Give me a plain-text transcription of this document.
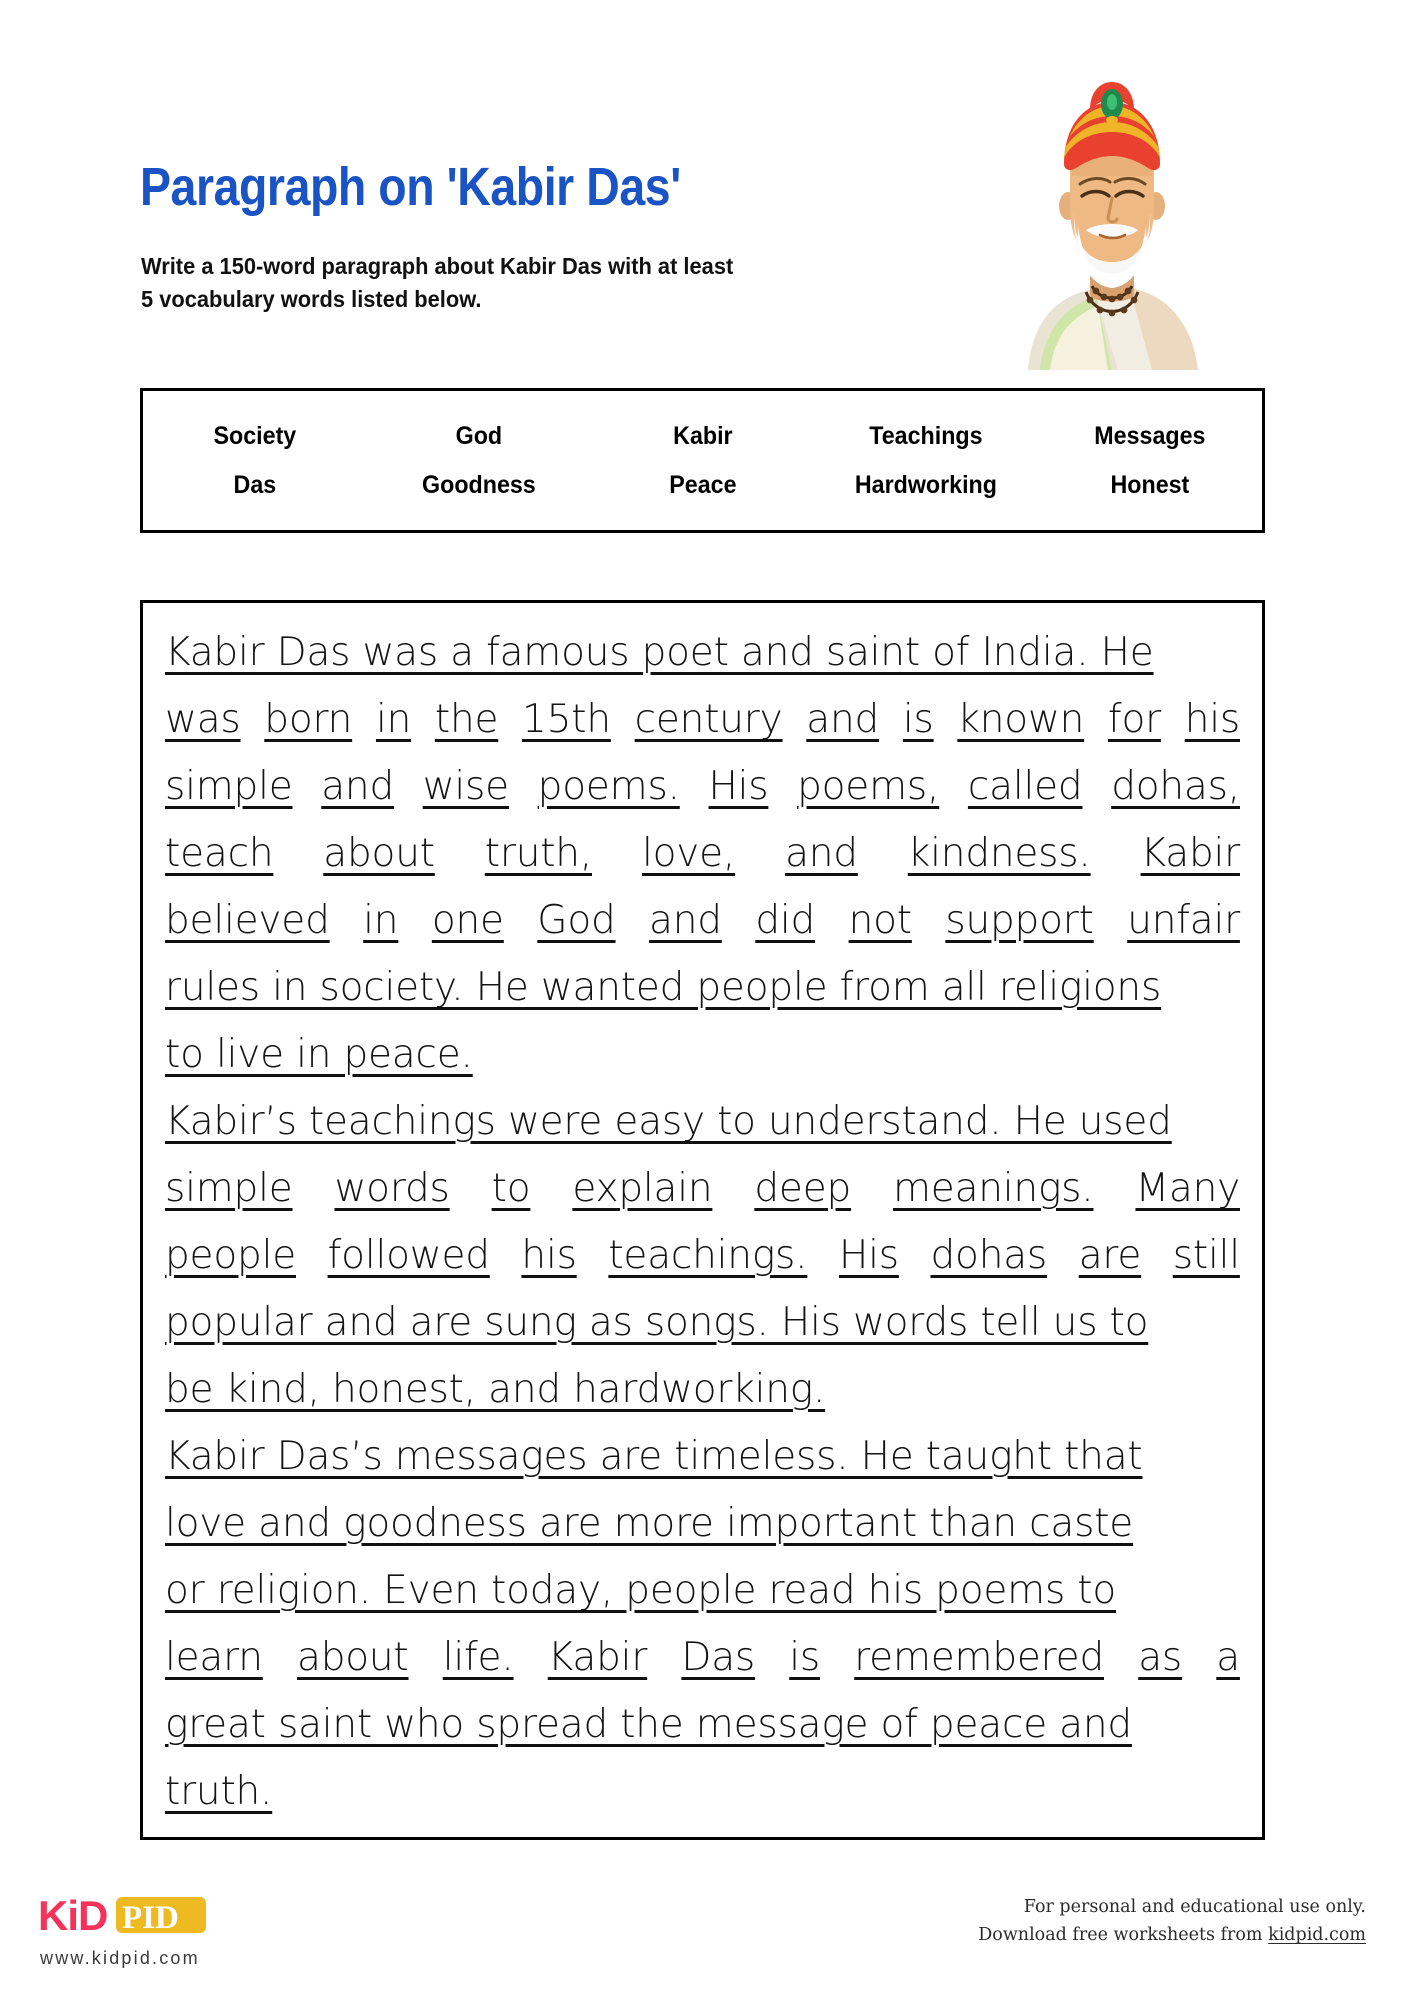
Paragraph on 'Kabir Das'
Write a 150-word paragraph about Kabir Das with at least
5 vocabulary words listed below.
Society	God	Kabir	Teachings	Messages
Das	Goodness	Peace	Hardworking	Honest
Kabir Das was a famous poet and saint of India. He
was born in the 15th century and is known for his
simple and wise poems. His poems, called dohas,
teach about truth, love, and kindness. Kabir
believed in one God and did not support unfair
rules in society. He wanted people from all religions
to live in peace.
Kabir’s teachings were easy to understand. He used
simple words to explain deep meanings. Many
people followed his teachings. His dohas are still
popular and are sung as songs. His words tell us to
be kind, honest, and hardworking.
Kabir Das’s messages are timeless. He taught that
love and goodness are more important than caste
or religion. Even today, people read his poems to
learn about life. Kabir Das is remembered as a
great saint who spread the message of peace and
truth.
KiD PID
www.kidpid.com
For personal and educational use only.
Download free worksheets from kidpid.com
